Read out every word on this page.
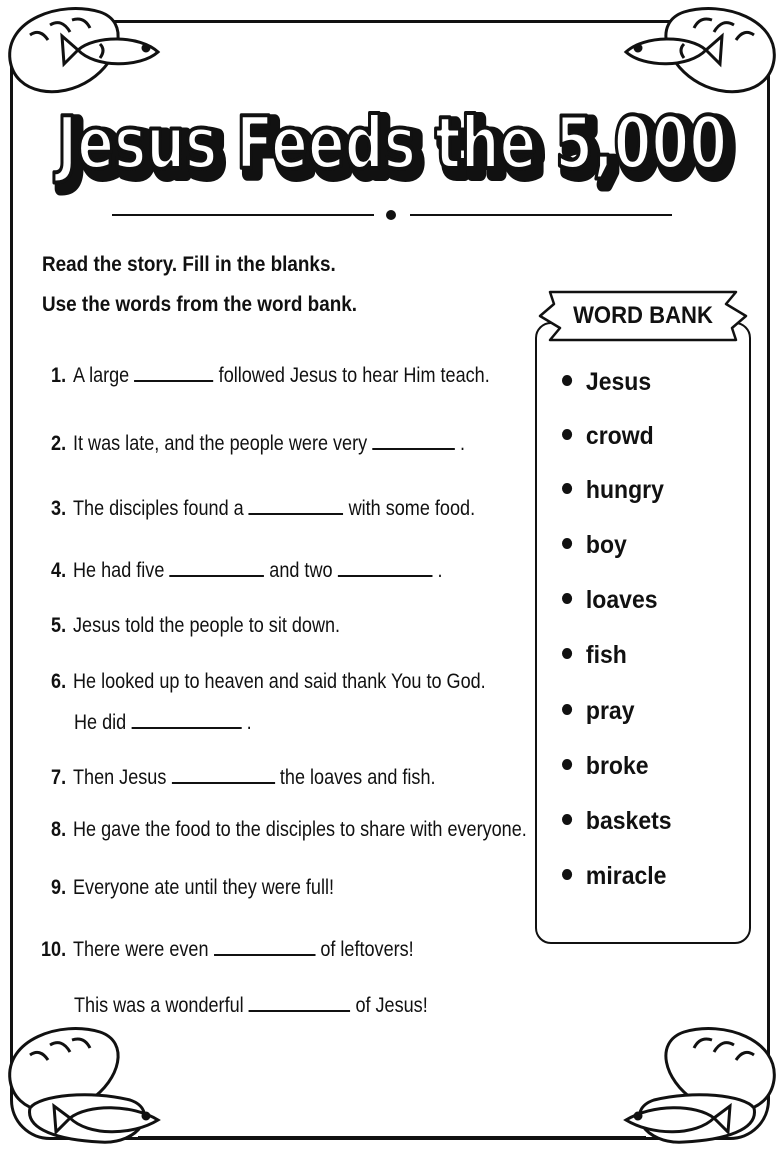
Jesus Feeds the 5,000
Jesus Feeds the 5,000
Read the story. Fill in the blanks.
Use the words from the word bank.
1. A large	followed Jesus to hear Him teach.
2. It was late, and the people were very	.
3. The disciples found a	with some food.
4. He had five	and two	.
5. Jesus told the people to sit down.
6. He looked up to heaven and said thank You to God.
He did	.
7. Then Jesus	the loaves and fish.
8. He gave the food to the disciples to share with everyone.
9. Everyone ate until they were full!
10. There were even	of leftovers!
This was a wonderful	of Jesus!
WORD BANK
Jesus
crowd
hungry
boy
loaves
fish
pray
broke
baskets
miracle
